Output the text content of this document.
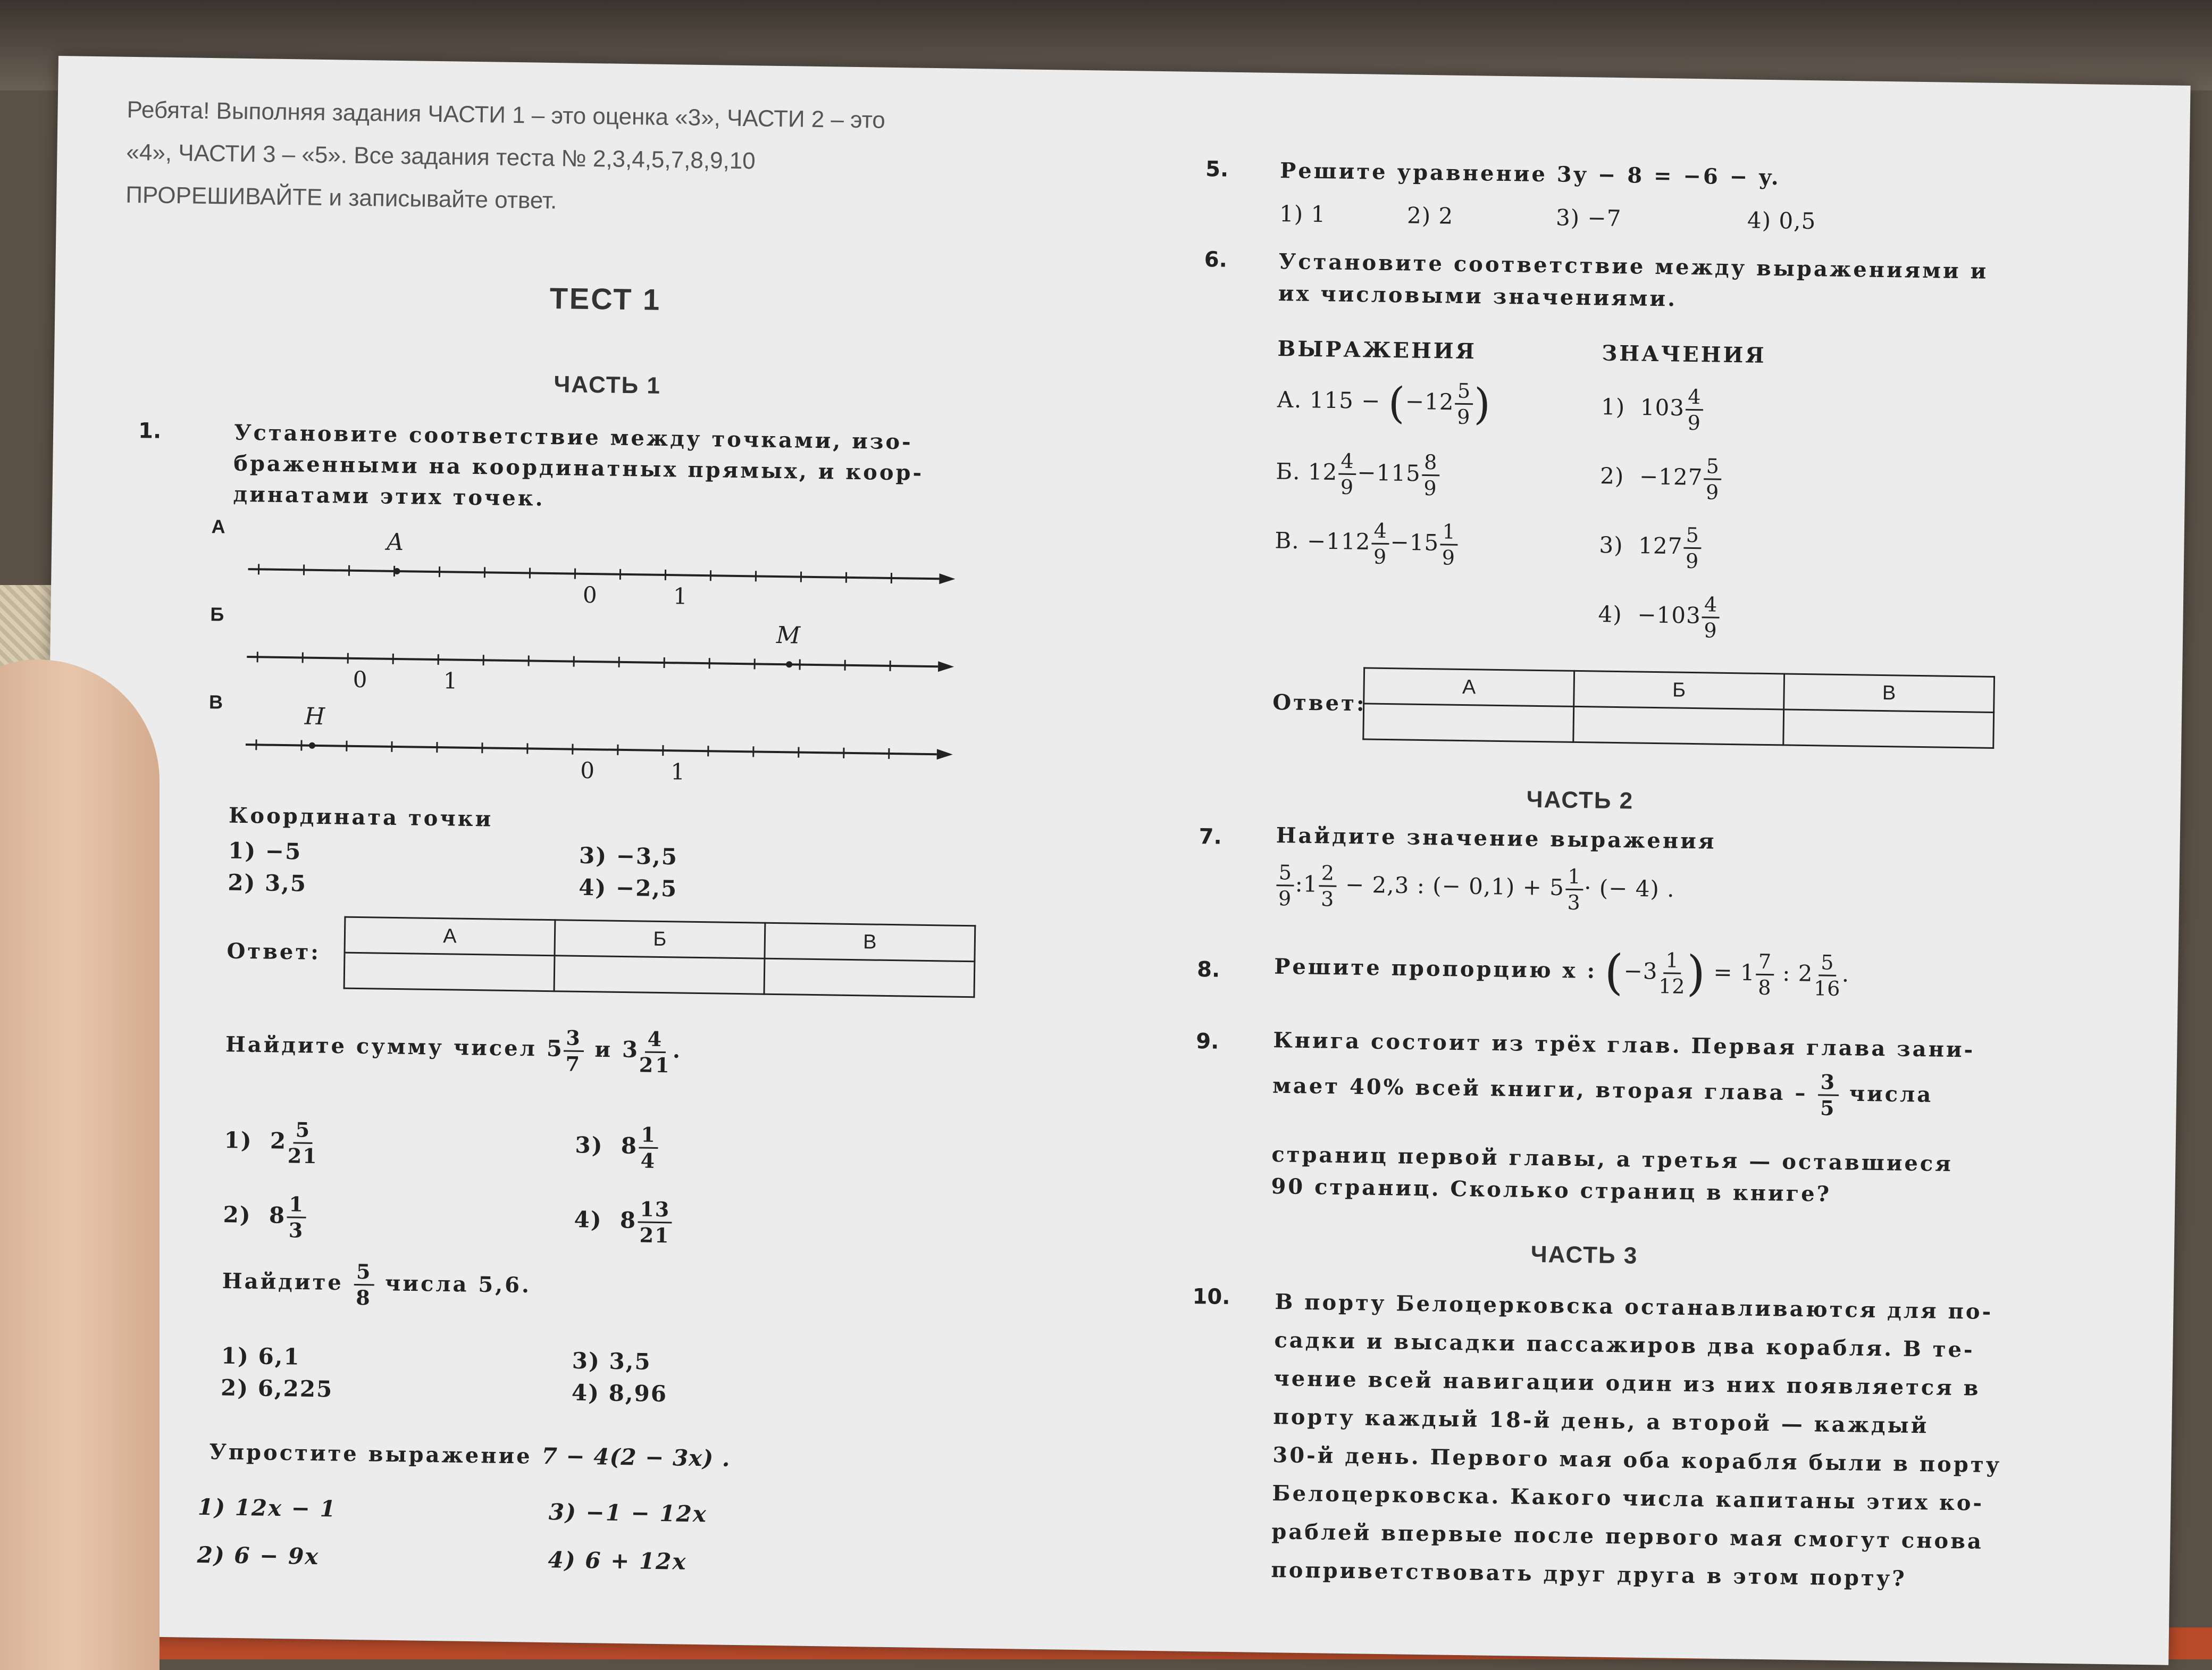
Ребята! Выполняя задания ЧАСТИ 1 – это оценка «3», ЧАСТИ 2 – это
«4», ЧАСТИ 3 – «5». Все задания теста № 2,3,4,5,7,8,9,10
ПРОРЕШИВАЙТЕ и записывайте ответ.
ТЕСТ 1
ЧАСТЬ 1
1.	Установите соответствие между точками, изо-
браженными на координатных прямых, и коор-
динатами этих точек.
А
A
0	1
Б
M
0	1
В
H
0	1
Координата точки
1) −5
2) 3,5
3) −3,5
4) −2,5
Ответ:
А	Б	В

Найдите сумму чисел $5 \frac{3}{7}$ и $3 \frac{4}{21}$ .
1) $2 \frac{5}{21}$
2) $8 \frac{1}{3}$
3) $8 \frac{1}{4}$
4) $8 \frac{13}{21}$
Найдите $\frac{5}{8}$ числа 5,6.
1) 6,1
2) 6,225
3) 3,5
4) 8,96
Упростите выражение 7 − 4(2 − 3x) .
1) 12x − 1
2) 6 − 9x
3) −1 − 12x
4) 6 + 12x
5. Решите уравнение 3y − 8 = −6 − y.
1) 1	2) 2	3) −7	4) 0,5
6. Установите соответствие между выражениями и
их числовыми значениями.
ВЫРАЖЕНИЯ	ЗНАЧЕНИЯ
А. $115 - (-12 \frac{5}{9}$ )
Б. $12 \frac{4}{9} -115 \frac{8}{9}$
В. $-112 \frac{4}{9} -15 \frac{1}{9}$
1) $103 \frac{4}{9}$
$2) -127 \frac{5}{9}$
3) $127 \frac{5}{9}$
$4) -103 \frac{4}{9}$
Ответ:
А	Б	В

ЧАСТЬ 2
7.	Найдите значение выражения
$\frac{5}{9}$ :1 $\frac{2}{3} - 2,3$ : (− $0,1) + 5 \frac{1}{3}$ · (− 4) .
8.	Решите пропорцию x : ($-3 \frac{1}{12}$ ) = $1 \frac{7}{8}$ : $2 \frac{5}{16}$ .
9.	Книга состоит из трёх глав. Первая глава зани-
мает 40% всей книги, вторая глава – $\frac{3}{5}$ числа
страниц первой главы, а третья — оставшиеся
90 страниц. Сколько страниц в книге?
ЧАСТЬ 3
10. В порту Белоцерковска останавливаются для по-
садки и высадки пассажиров два корабля. В те-
чение всей навигации один из них появляется в
порту каждый 18-й день, а второй — каждый
30-й день. Первого мая оба корабля были в порту
Белоцерковска. Какого числа капитаны этих ко-
раблей впервые после первого мая смогут снова
поприветствовать друг друга в этом порту?
